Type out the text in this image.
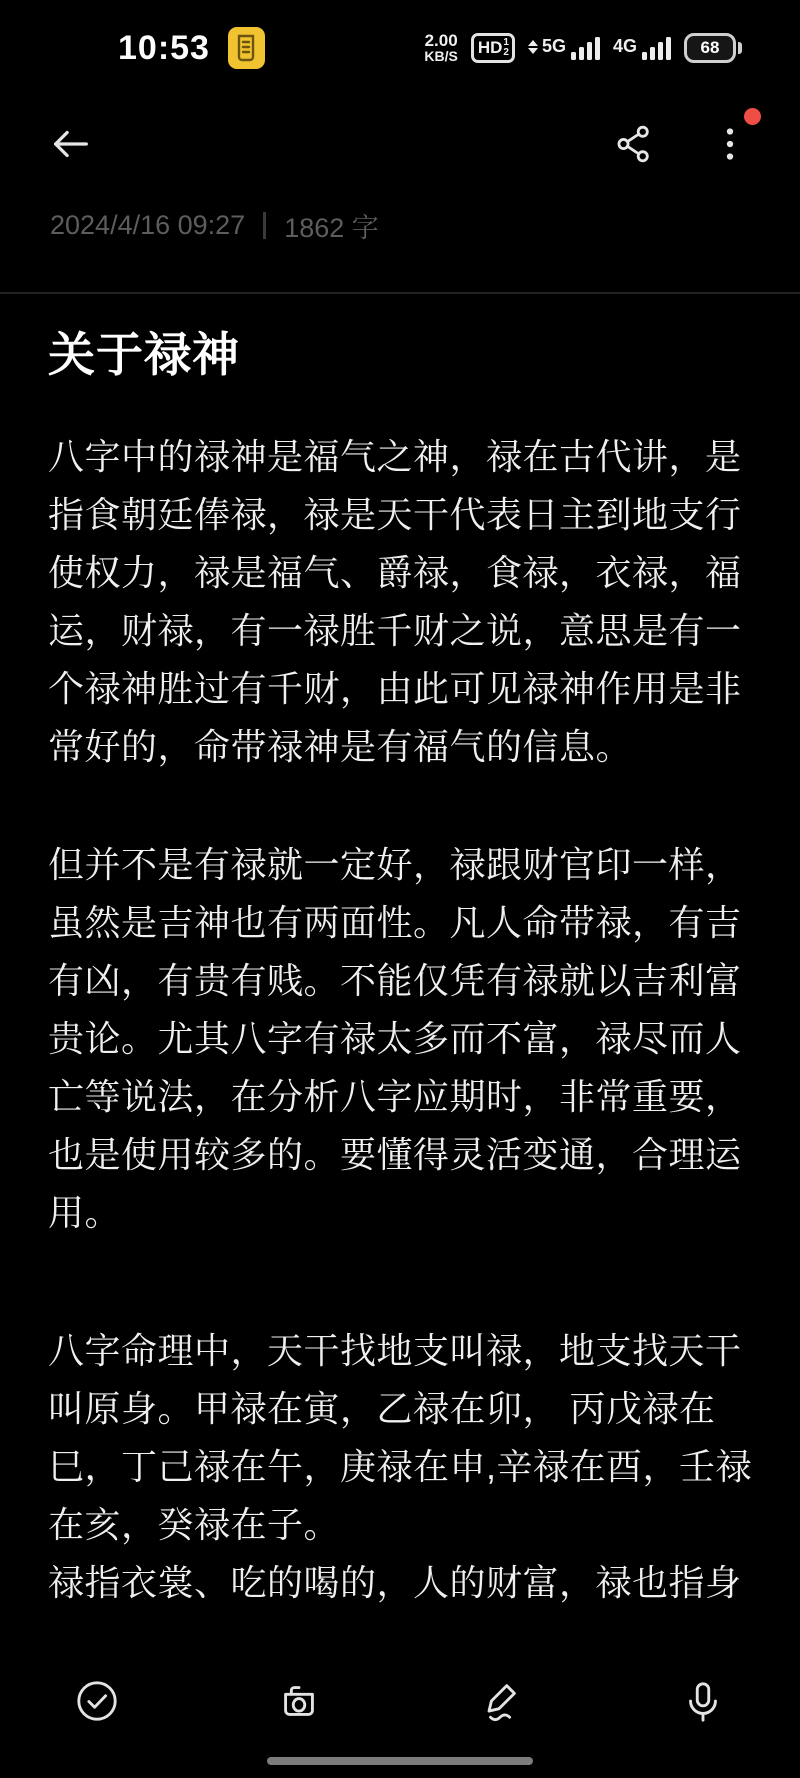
10:53	2.00
KB/S HD 1
2 5G	4G	68
2024/4/16 09:27 1862 字
关于禄神
八字中的禄神是福气之神，禄在古代讲，是
指食朝廷俸禄，禄是天干代表日主到地支行
使权力，禄是福气、爵禄，食禄，衣禄，福
运，财禄，有一禄胜千财之说，意思是有一
个禄神胜过有千财，由此可见禄神作用是非
常好的，命带禄神是有福气的信息。
但并不是有禄就一定好，禄跟财官印一样，
虽然是吉神也有两面性。凡人命带禄，有吉
有凶，有贵有贱。不能仅凭有禄就以吉利富
贵论。尤其八字有禄太多而不富，禄尽而人
亡等说法，在分析八字应期时，非常重要，
也是使用较多的。要懂得灵活变通，合理运
用。
八字命理中，天干找地支叫禄，地支找天干
叫原身。甲禄在寅，乙禄在卯， 丙戊禄在
巳，丁己禄在午，庚禄在申,辛禄在酉，壬禄
在亥，癸禄在子。
禄指衣裳、吃的喝的，人的财富，禄也指身
